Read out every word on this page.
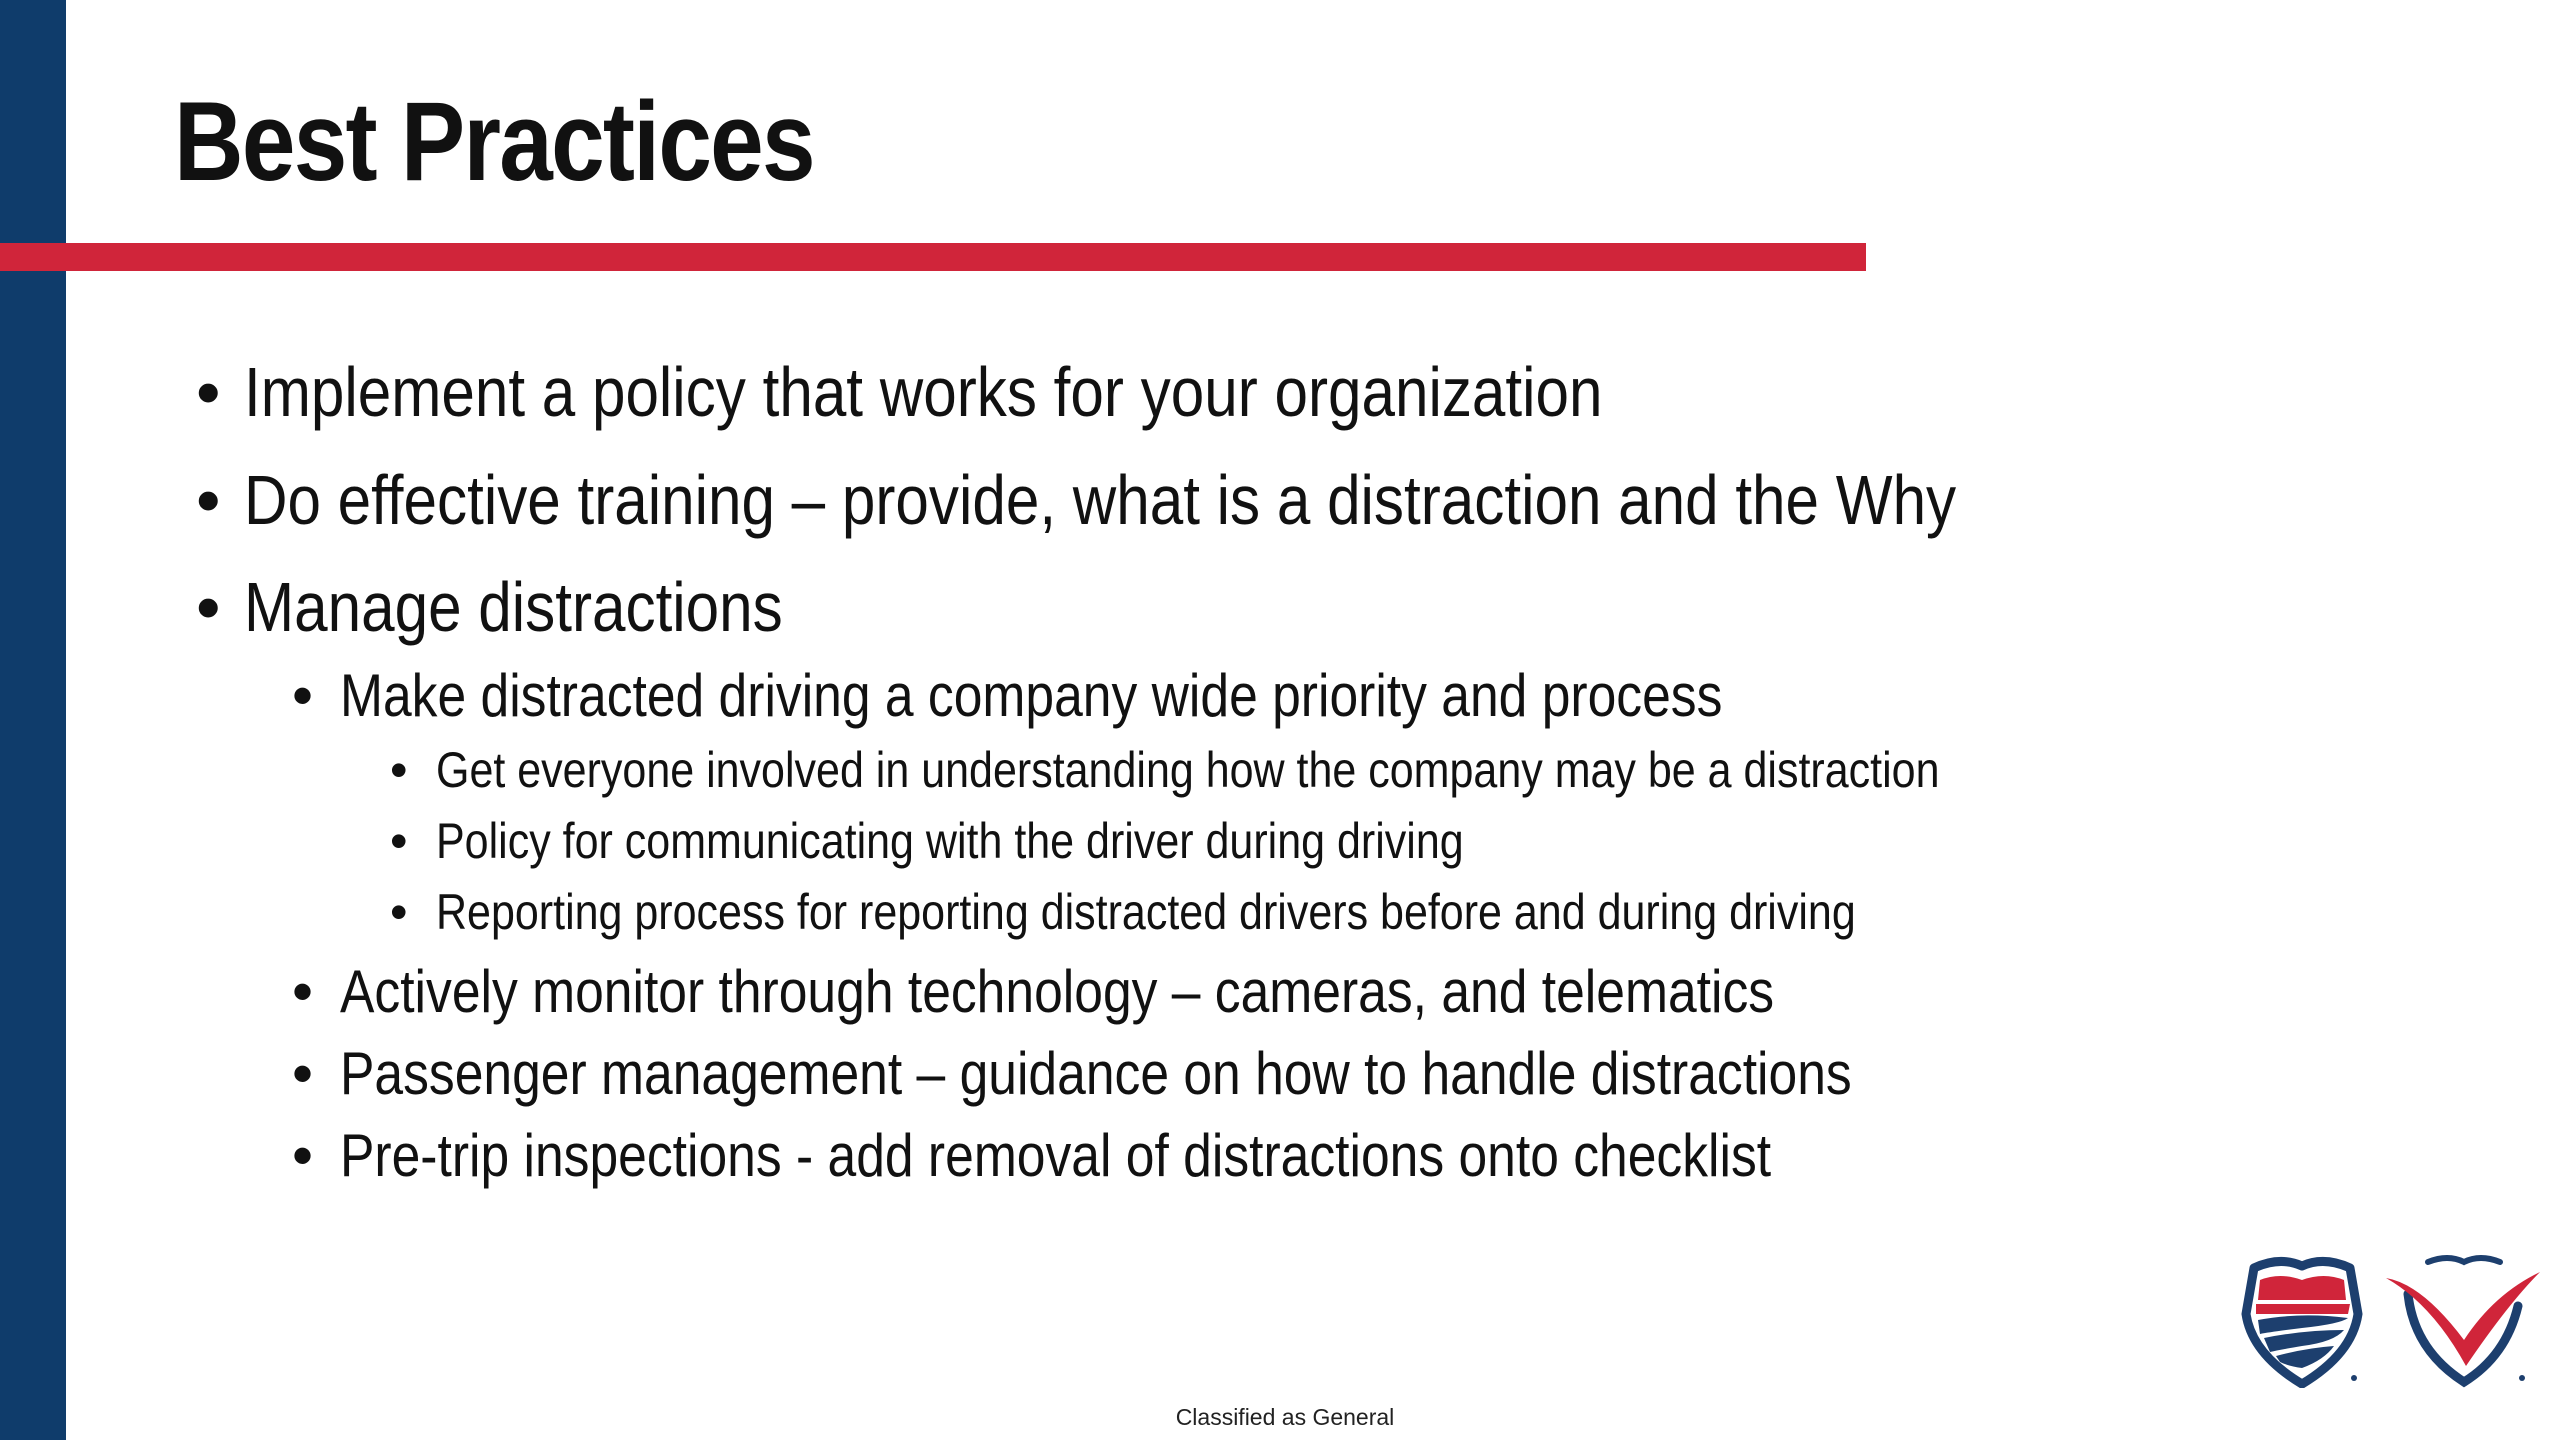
Best Practices
• Implement a policy that works for your organization
• Do effective training – provide, what is a distraction and the Why
• Manage distractions
• Make distracted driving a company wide priority and process
• Get everyone involved in understanding how the company may be a distraction
• Policy for communicating with the driver during driving
• Reporting process for reporting distracted drivers before and during driving
• Actively monitor through technology – cameras, and telematics
• Passenger management – guidance on how to handle distractions
• Pre-trip inspections - add removal of distractions onto checklist
Classified as General
